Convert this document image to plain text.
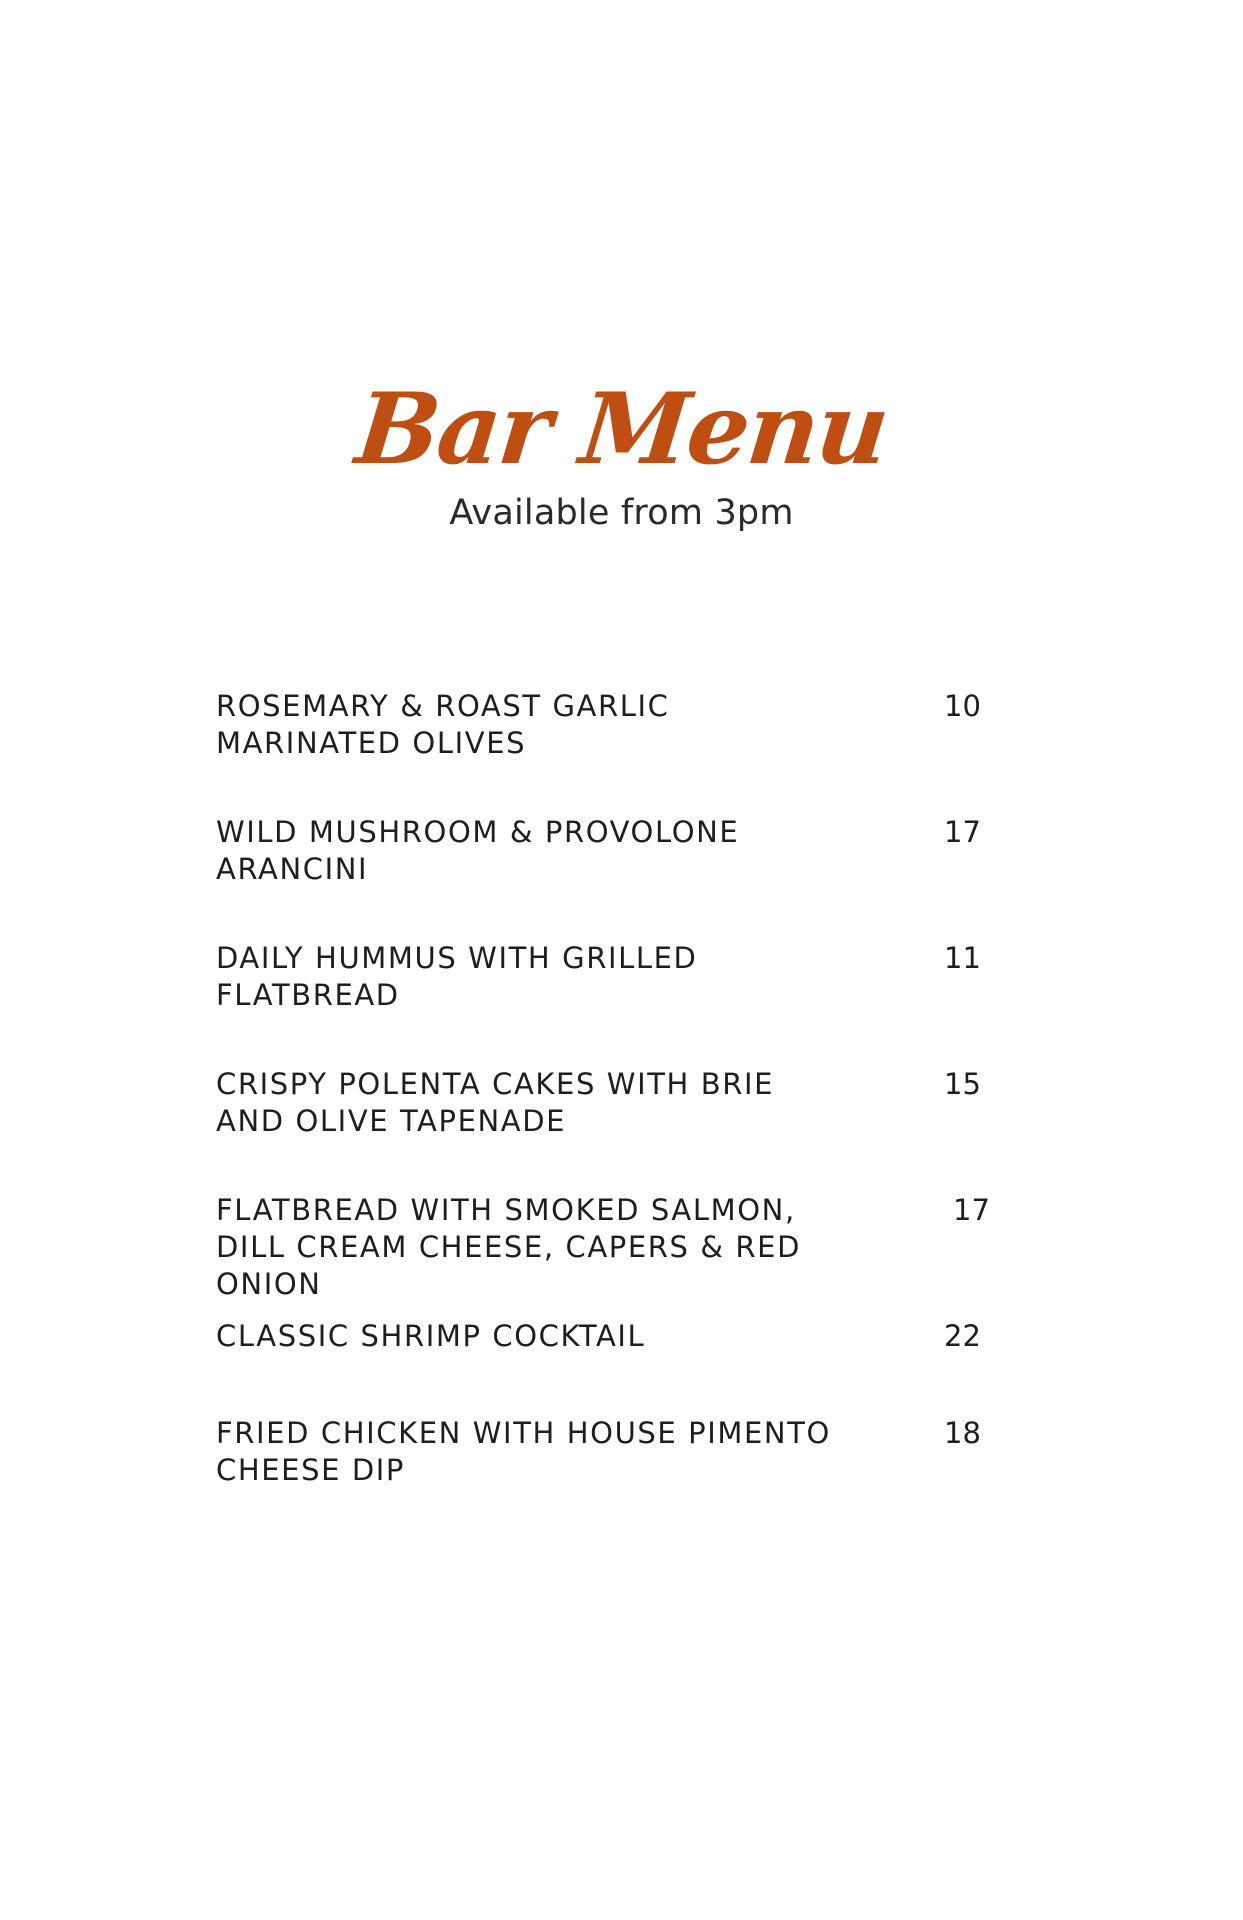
Bar Menu
Available from 3pm

ROSEMARY & ROAST GARLIC
MARINATED OLIVES

10

WILD MUSHROOM & PROVOLONE
ARANCINI

17

DAILY HUMMUS WITH GRILLED
FLATBREAD

11

CRISPY POLENTA CAKES WITH BRIE
AND OLIVE TAPENADE

15

FLATBREAD WITH SMOKED SALMON,
DILL CREAM CHEESE, CAPERS & RED ONION

17

CLASSIC SHRIMP COCKTAIL	22

FRIED CHICKEN WITH HOUSE PIMENTO
CHEESE DIP

18
